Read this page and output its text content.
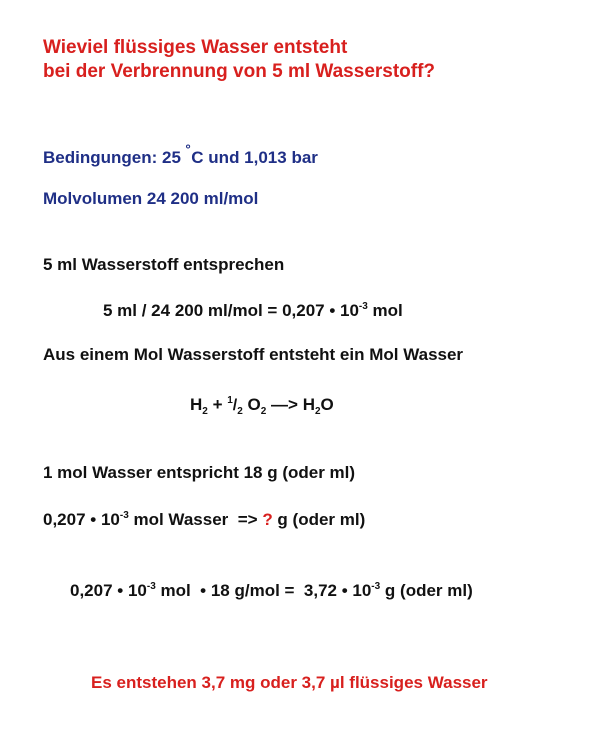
Wieviel flüssiges Wasser entsteht
bei der Verbrennung von 5 ml Wasserstoff?
Bedingungen: 25 ˚C und 1,013 bar
Molvolumen 24 200 ml/mol
5 ml Wasserstoff entsprechen
5 ml / 24 200 ml/mol = 0,207 • $10^{-3}$ mol
Aus einem Mol Wasserstoff entsteht ein Mol Wasser
$H_2 + ^1/_2$ $O_2$ —> $H_2O$
1 mol Wasser entspricht 18 g (oder ml)
0,207 • $10^{-3}$ mol Wasser  => ? g (oder ml)
0,207 • $10^{-3}$ mol  • 18 g/mol =  3,72 • $10^{-3}$ g (oder ml)
Es entstehen 3,7 mg oder 3,7 µl flüssiges Wasser
